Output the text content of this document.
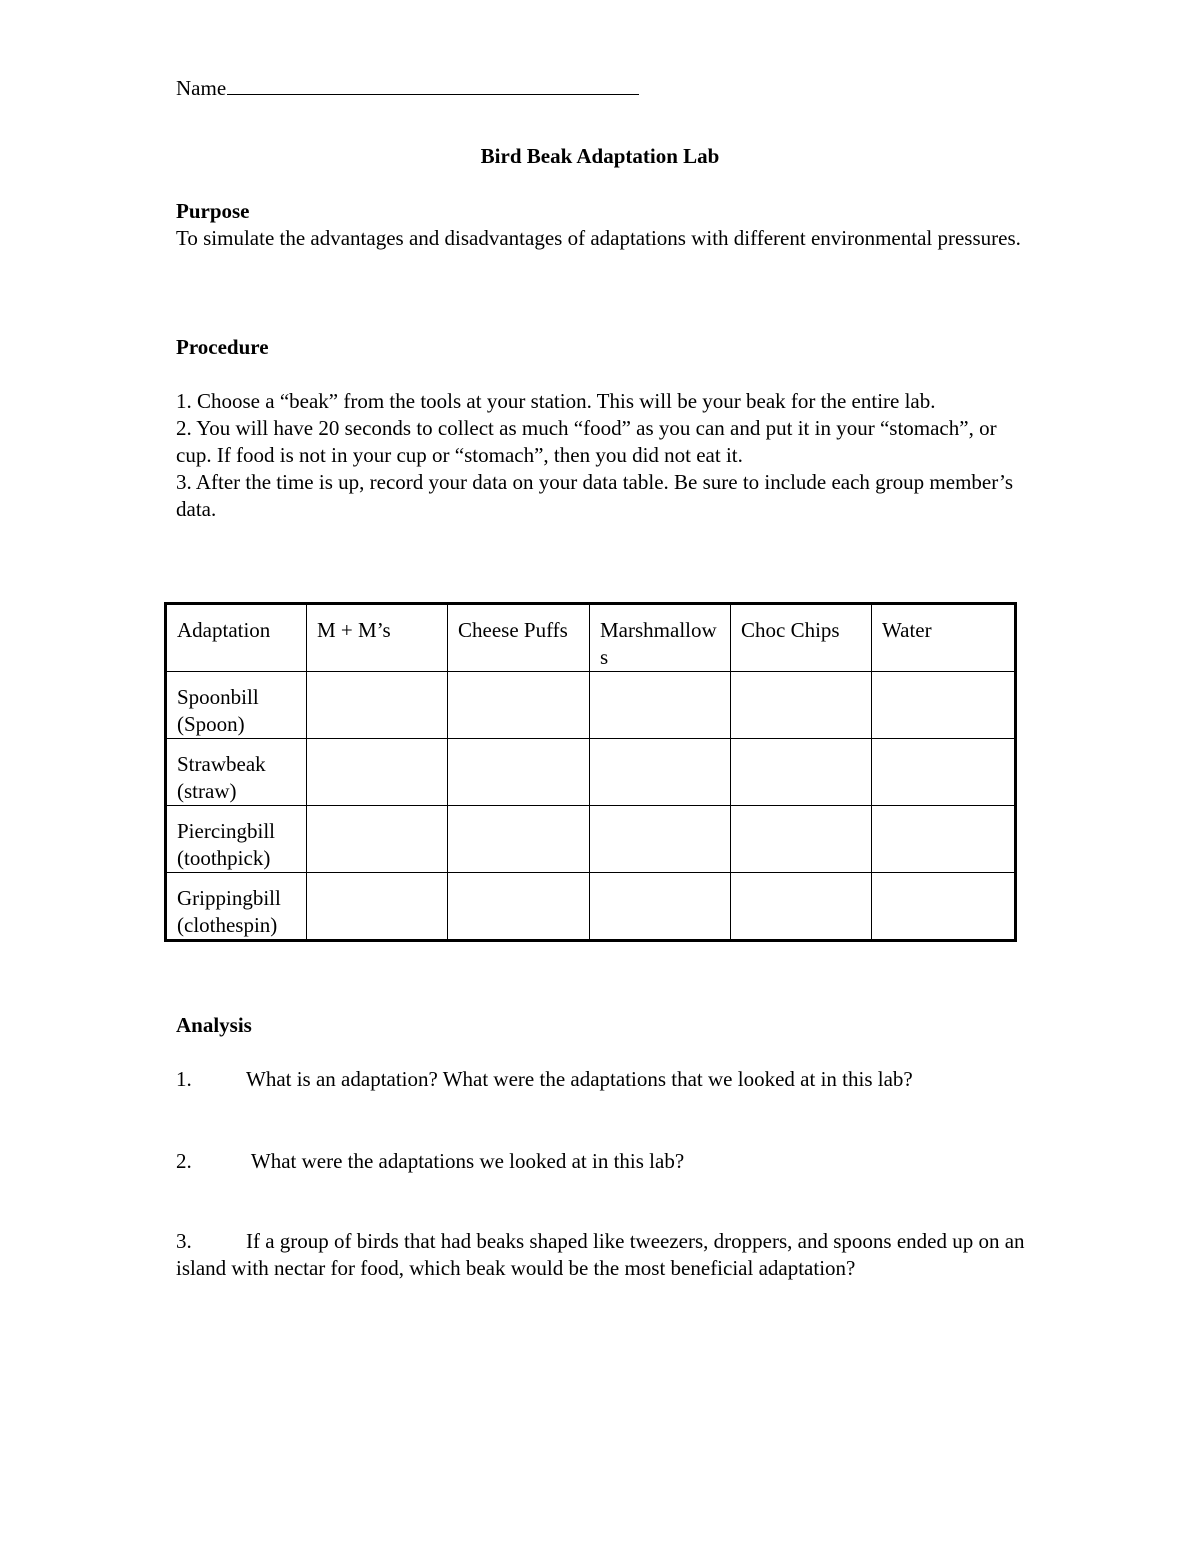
Name
Bird Beak Adaptation Lab

Purpose

To simulate the advantages and disadvantages of adaptations with different environmental pressures.

Procedure

1. Choose a “beak” from the tools at your station. This will be your beak for the entire lab.

2. You will have 20 seconds to collect as much “food” as you can and put it in your “stomach”, or cup. If food is not in your cup or “stomach”, then you did not eat it.

3. After the time is up, record your data on your data table. Be sure to include each group member’s data.

Adaptation	M + M’s	Cheese Puffs	Marshmallows	Choc Chips	Water
Spoonbill (Spoon)					
Strawbeak (straw)					
Piercingbill (toothpick)					
Grippingbill (clothespin)					

Analysis

1.	What is an adaptation? What were the adaptations that we looked at in this lab?
2.	What were the adaptations we looked at in this lab?
3.	If a group of birds that had beaks shaped like tweezers, droppers, and spoons ended up on an island with nectar for food, which beak would be the most beneficial adaptation?
